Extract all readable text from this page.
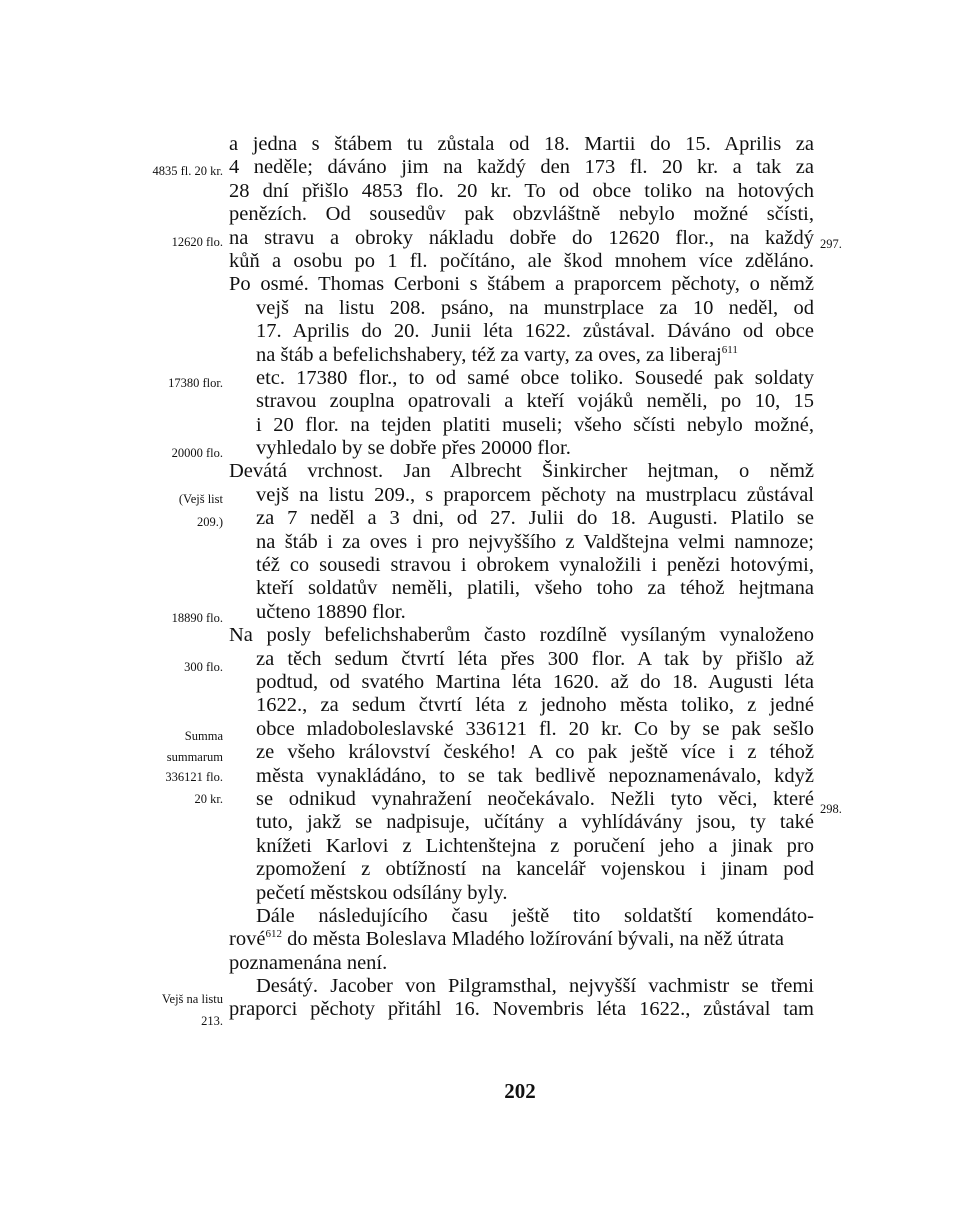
a jedna s štábem tu zůstala od 18. Martii do 15. Aprilis za
4 neděle; dáváno jim na každý den 173 fl. 20 kr. a tak za
28 dní přišlo 4853 flo. 20 kr. To od obce toliko na hotových
penězích. Od sousedův pak obzvláštně nebylo možné sčísti,
na stravu a obroky nákladu dobře do 12620 flor., na každý
kůň a osobu po 1 fl. počítáno, ale škod mnohem více zděláno.
Po osmé. Thomas Cerboni s štábem a praporcem pěchoty, o němž
vejš na listu 208. psáno, na munstrplace za 10 neděl, od
17. Aprilis do 20. Junii léta 1622. zůstával. Dáváno od obce
na štáb a befelichshabery, též za varty, za oves, za liberaj$^{611}$
etc. 17380 flor., to od samé obce toliko. Sousedé pak soldaty
stravou zouplna opatrovali a kteří vojáků neměli, po 10, 15
i 20 flor. na tejden platiti museli; všeho sčísti nebylo možné,
vyhledalo by se dobře přes 20000 flor.
Devátá vrchnost. Jan Albrecht Šinkircher hejtman, o němž
vejš na listu 209., s praporcem pěchoty na mustrplacu zůstával
za 7 neděl a 3 dni, od 27. Julii do 18. Augusti. Platilo se
na štáb i za oves i pro nejvyššího z Valdštejna velmi namnoze;
též co sousedi stravou i obrokem vynaložili i penězi hotovými,
kteří soldatův neměli, platili, všeho toho za téhož hejtmana
učteno 18890 flor.
Na posly befelichshaberům často rozdílně vysílaným vynaloženo
za těch sedum čtvrtí léta přes 300 flor. A tak by přišlo až
podtud, od svatého Martina léta 1620. až do 18. Augusti léta
1622., za sedum čtvrtí léta z jednoho města toliko, z jedné
obce mladoboleslavské 336121 fl. 20 kr. Co by se pak sešlo
ze všeho království českého! A co pak ještě více i z téhož
města vynakládáno, to se tak bedlivě nepoznamenávalo, když
se odnikud vynahražení neočekávalo. Nežli tyto věci, které
tuto, jakž se nadpisuje, učítány a vyhlídávány jsou, ty také
knížeti Karlovi z Lichtenštejna z poručení jeho a jinak pro
zpomožení z obtížností na kancelář vojenskou i jinam pod
pečetí městskou odsílány byly.
Dále následujícího času ještě tito soldatští komendáto-
rové$^{612}$ do města Boleslava Mladého ložírování bývali, na něž útrata
poznamenána není.
Desátý. Jacober von Pilgramsthal, nejvyšší vachmistr se třemi
praporci pěchoty přitáhl 16. Novembris léta 1622., zůstával tam
4835 fl. 20 kr.
12620 flo.
17380 flor.
20000 flo.
(Vejš list
209.)
18890 flo.
300 flo.
Summa
summarum
336121 flo.
20 kr.
Vejš na listu
213.
297.
298.
202
